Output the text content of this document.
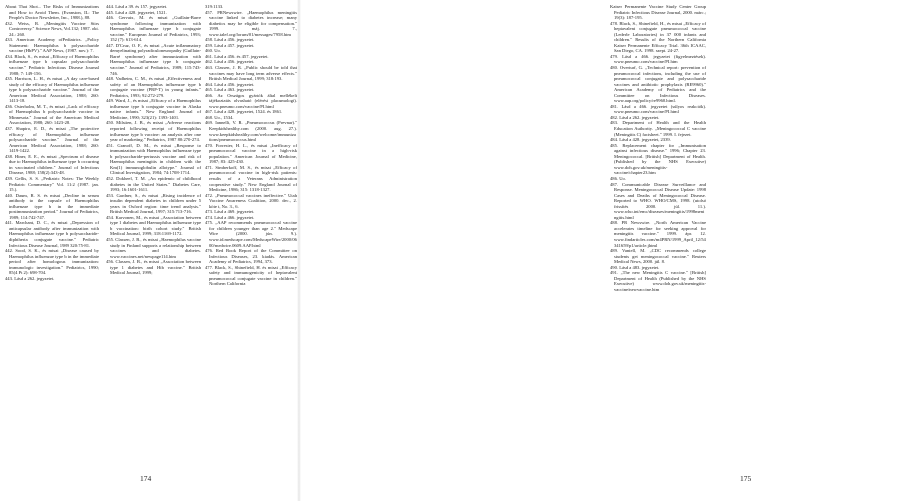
About That Shot... The Risks of Immunizations and How to Avoid Them. (Evanston, IL: The People's Doctor Newsletter, Inc., 1988.), 88.

432. Weiss, R. „Meningitis Vaccine Stirs Controversy." Science News, Vol.132; 1987. okt. 24.: 260.

433. American Academy ofPediatrics. „Policy Statement: Haemophilus b polysaccharide vaccine (HbPV)." AAP News, (1987. nov.): 7.

434. Black, S., és mtsai „Efficacy of Haemophilus influenzae type b capsular polysaccharide vaccine." Pediatric Infectious Disease Journal 1988; 7: 149-156.

435. Harrison, L. H., és mtsai „A day care-based study of the efficacy of Haemophilus influenzae type b polysaccharide vaccine." Journal of the American Medical Association, 1988; 260: 1413-18.

436. Osterholm, M. T., és mtsai „Lack of efficacy of Haemophilus b polysaccharide vaccine in Minnesota." Journal of the American Medical Association, 1988; 260: 1423-28.

437. Shapiro, E. D., és mtsai „The protective efficacy of Haemophilus influenzae polysaccharide vaccine." Journal of the American Medical Association, 1988; 260: 1419-1422.

438. Hiner, E. E., és mtsai „Spectrum of disease due to Haemophilus influenzae type b occurring in vaccinated children." Journal of Infectious Disease, 1988; 158(2):343-48.

439. Gellis, S. S. „Pediatric Notes: The Weekly Pediatric Commentary" Vol. 11:2 (1987. jan. 15.).

440. Daum, R. S. és mtsai „Decline in serum antibody to the capsule of Haemophilus influenzae type b in the immediate postimmunization period." Journal of Pediatrics, 1989; 114:742-747.

441. Marchant, D. C., és mtsai „Depression of anticapsular antibody after immunization with Haemophilus influenzae type b polysaccharide-diphtheria conjugate vaccine." Pediatric Infectious Disease Journal, 1989 320:75-81.

442. Sood, S. K., és mtsai „Disease caused by Haemophilus influenzae type b in the immediate period after homologous immunization: immunologic investigation." Pediatrics, 1990; 85(4 Pt 2): 698-704.

443. Lásd a 262. jegyzetet.

444. Lásd a 39. és 157. jegyzetet.

445. Lásd a 428. jegyzetet, 1521.

446. Gervaix, M. és mtsai „Guillain-Barre syndrome following immunization with Haemophilus influenzae type b conjugate vaccine." European Journal of Pediatrics, 1993; 152 (7): 613-614.

447. D'Cruz, O. F., és mtsai „Acute inflammatory demyelinating polyradiculoneuropathy (Guillain-Barré syndrome) after immunization with Haemophilus influenzae type b conjugate vaccine." Journal of Pediatrics, 1989; 115:743-746.

448. Vadheim, C. M., és mtsai „Effectiveness and safety of an Haemophilus influenzae type b conjugate vaccine (PRP-T) in young infants." Pediatrics, 1993; 92:272-279.

449. Ward, J., és mtsai „Efficacy of a Haemophilus influenzae type b conjugate vaccine in Alaska native infants." New England Journal of Medicine, 1990; 323(21): 1393-1401.

450. Milstien, J. B., és mtsai „Adverse reactions reported following receipt of Haemophilus influenzae type b vaccine: an analysis after one year of marketing." Pediatrics, 1987 80:270-274.

451. Granoff, D. M., és mtsai „Response to immunization with Haemophilus influenzae type b polysaccharide-pertussis vaccine and risk of Haemophilus meningitis in children with the Km(1) immunoglobulin allotype." Journal of Clinical Investigation, 1984; 74:1708-1714.

452. Dokheel, T. M. „An epidemic of childhood diabetes in the United States." Diabetes Care, 1993; 16:1601-1611.

453. Gardner, S., és mtsai „Rising incidence of insulin dependent diabetes in children under 5 years in Oxford region: time trend analysis." British Medical Journal, 1997; 315:713-716.

454. Karvonen, M., és mtsai „Association between type 1 diabetes and Haemophilus influenzae type b vaccination: birth cohort study." British Medical Journal, 1999; 318:1169-1172.

455. Classen, J. B., és mtsai „Haemophilus vaccine study in Finland supports a relationship between vaccines and diabetes. www.vaccines.net/newpage114.htm

456. Classen, J. B., és mtsai „Association between type 1 diabetes and Hib vaccine." British Medical Journal, 1999;

319:1133.

457. PRNewswire. „Haemophilus meningitis vaccine linked to diabetes increase; many diabetics may be eligible for compensation." 1999. máj. 7., www.talef.org/forum/01/messages/7958.htm

458. Lásd a 456. jegyzetet.

459. Lásd a 457. jegyzetet.

460. Uo.

461. Lásd a 456. és 457. jegyzetet.

462. Lásd a 456. jegyzetet.

463. Classen, J. B. „Public should be told that vaccines may have long term adverse effects." British Medical Journal, 1999; 318:193.

464. Lásd a 456. jegyzetet.

465. Lásd a 463. jegyzetet.

466. Az Országos gyártók által mellékelt tájékoztatás olvasható (elérési placumologi). www.pneumo.com/vaccine/PI.html

467. Lásd a 428. jegyzetet, 1524. és 1861.

468. Uo., 1534.

469. Iannelli, V. R. „Pneumococcus (Prevnar)." Keepkidshealthy.com (2000. aug. 27.). www.keepkidshealthy.com/welcome/immunizations/pneumococcus.html

470. Forrester, H. L., és mtsai „Inefficacy of pneumococcal vaccine in a high-risk population." American Journal of Medicine, 1987; 83: 425-430.

471. Simberkoff, M. S., és mtsai „Efficacy of pneumococcal vaccine in high-risk patients: results of a Veterans Administration cooperative study." New England Journal of Medicine, 1986; 315: 1318-1327.

472. „Pneumococcal vaccines ineffective." Utah Vaccine Awareness Coalition, 2000. dec., 2. köte t, No. 3., 6.

473. Lásd a 469. jegyzetet.

474. Lásd a 466. jegyzetet.

475. „AAP recommends pneumococcal vaccine for children younger than age 2." Medscape Wire (2000. jún. 9.). www.id.medscape.com/MedscapeWire/2000/0600/medwire.0609.AAP.html

476. Red Book Report of the Committee on Infectious Diseases, 23. kiadás. American Academy of Pediatrics, 1994, 373.

477. Black, S., Shinefield, H. és mtsai „Efficacy safety and immunogenicity of heptavalent pneumococcal conjugate vaccine in children." Northern California

174

Kaiser Permanente Vaccine Study Center Group Pediatric Infectious Disease Journal, 2000. márc.; 19(3): 187-195.

478. Black, S., Shinefield, H., és mtsai „Efficacy of heptavalent conjugate pneumococcal vaccine (Lederle Laboratories) in 37 000 infants and children." Results of the Northern California Kaiser Permanente Efficacy Trial. 36th ICAAC, San Diego, CA. 1998. szept. 24-27.

479. Lásd a 466. jegyzetet (figyelmeztések). www.pneumo.com/vaccine/PI.htm

480. Overturf, G. „Technical report: prevention of pneumococcal infections, including the use of pneumococcal conjugate and polysaccharide vaccines and antibiotic prophylaxis (RE9960)." American Academy of Pediatrics and the Committee on Infectious Diseases. www.aap.org/policy/re9960.html.

481. Lásd a 466. jegyzetet (súlyos reakciók). www.pneumo.com/vaccine/PI.html

482. Lásd a 262. jegyzetet.

483. Department of Health and the Health Education Authority. „Meningococcal C vaccine (Meningitis C) factsheet." 1999. I. fejezet.

484. Lásd a 428. jegyzetet, 2339.

485. Replacement chapter for „Immunisation against infectious disease." 1996; Chapter 23. Meningococcal. [British] Department of Health. (Published by the NHS Executive) www.doh.gov.uk/meningitis-vaccine/chapter23.htm

486. Uo.

487. Communicable Disease Surveillance and Response. Meningococcal Disease Update: 1998 Cases and Deaths of Meningococcal Disease. Reported to WHO. WHO/CMS, 1998. (utolsó frissítés 2000. júl. 11.). www.who.int/emc/diseases/meningitis/1998meningitis.html

488. PR Newswire. „North American Vaccine accelerates timeline for seeking approval for meningitis vaccine." 1999. ápr. 12. www.findarticles.com/m4PRN/1999_April_12/54341659/p1/article.jhtml

489. Vaniell, M. „CDC recommends college students get meningococcal vaccine." Reuters Medical News, 2000. júl. 8.

490. Lásd a 483. jegyzetet.

491. „The new Meningitis C vaccine." [British] Department of Health (Published by the NHS Executive) www.doh.gov.uk/meningitis-vaccine/newvaccine.htm

175
